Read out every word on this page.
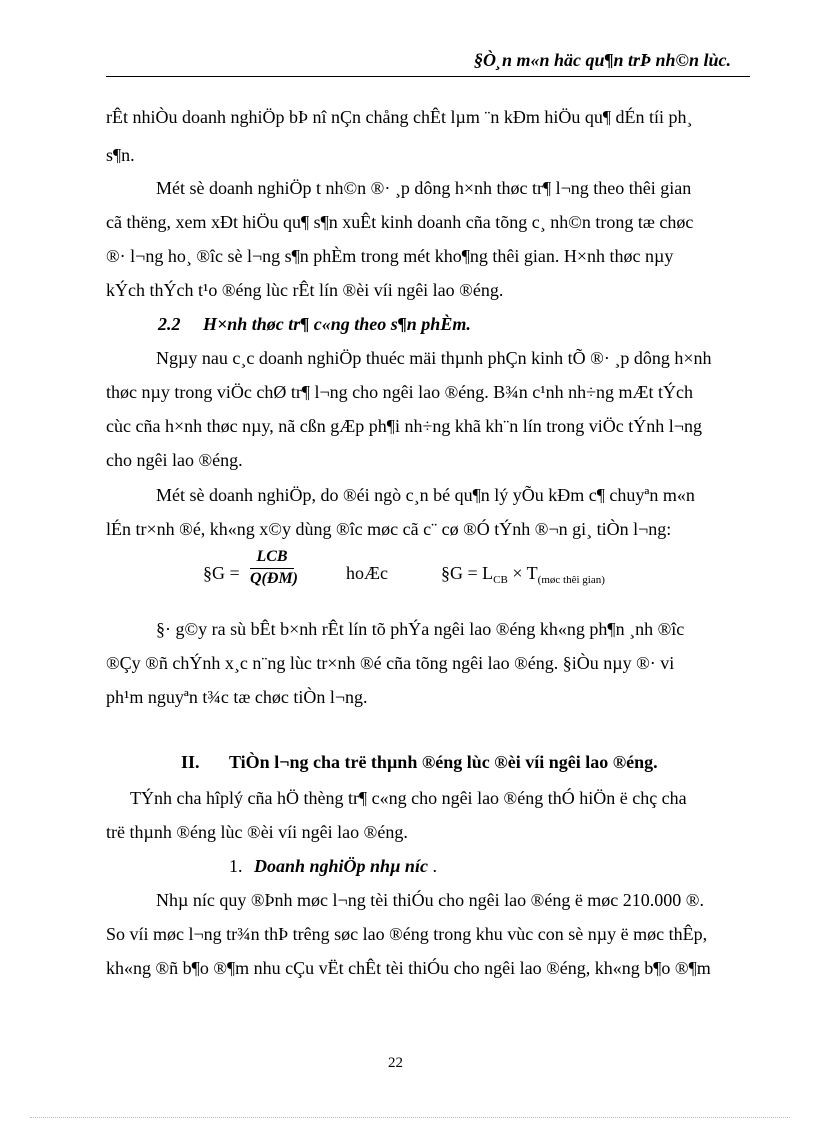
§Ò¸n m«n häc qu¶n trÞ nh©n lùc.
rÊt nhiÒu doanh nghiÖp bÞ nî nÇn chång chÊt lµm ¨n kÐm hiÖu qu¶ dÉn tíi ph¸
s¶n.
Mét sè doanh nghiÖp t nh©n ®· ¸p dông h×nh thøc tr¶ l¬ng theo thêi gian
cã thëng, xem xÐt hiÖu qu¶ s¶n xuÊt kinh doanh cña tõng c¸ nh©n trong tæ chøc
®· l¬ng ho¸ ®îc sè l¬ng s¶n phÈm trong mét kho¶ng thêi gian. H×nh thøc nµy
kÝch thÝch t¹o ®éng lùc rÊt lín ®èi víi ngêi lao ®éng.
2.2 H×nh thøc tr¶ c«ng theo s¶n phÈm.
Ngµy nau c¸c doanh nghiÖp thuéc mäi thµnh phÇn kinh tÕ ®· ¸p dông h×nh
thøc nµy trong viÖc chØ tr¶ l¬ng cho ngêi lao ®éng. B¾n c¹nh nh÷ng mÆt tÝch
cùc cña h×nh thøc nµy, nã cßn gÆp ph¶i nh÷ng khã kh¨n lín trong viÖc tÝnh l¬ng
cho ngêi lao ®éng.
Mét sè doanh nghiÖp, do ®éi ngò c¸n bé qu¶n lý yÕu kÐm c¶ chuyªn m«n
lÉn tr×nh ®é, kh«ng x©y dùng ®îc møc cã c¨ cø ®Ó tÝnh ®¬n gi¸ tiÒn l¬ng:
§G =
LCB
Q(ĐM)	hoÆc	§G = $L_{CB} \times T_{(møc thêi gian)}$
§· g©y ra sù bÊt b×nh rÊt lín tõ phÝa ngêi lao ®éng kh«ng ph¶n ¸nh ®îc
®Çy ®ñ chÝnh x¸c n¨ng lùc tr×nh ®é cña tõng ngêi lao ®éng. §iÒu nµy ®· vi
ph¹m nguyªn t¾c tæ chøc tiÒn l¬ng.
II. TiÒn l¬ng cha trë thµnh ®éng lùc ®èi víi ngêi lao ®éng.
TÝnh cha hîplý cña hÖ thèng tr¶ c«ng cho ngêi lao ®éng thÓ hiÖn ë chç cha
trë thµnh ®éng lùc ®èi víi ngêi lao ®éng.
1. Doanh nghiÖp nhµ níc .
Nhµ níc quy ®Þnh møc l¬ng tèi thiÓu cho ngêi lao ®éng ë møc 210.000 ®.
So víi møc l¬ng tr¾n thÞ trêng søc lao ®éng trong khu vùc con sè nµy ë møc thÊp,
kh«ng ®ñ b¶o ®¶m nhu cÇu vËt chÊt tèi thiÓu cho ngêi lao ®éng, kh«ng b¶o ®¶m
22
